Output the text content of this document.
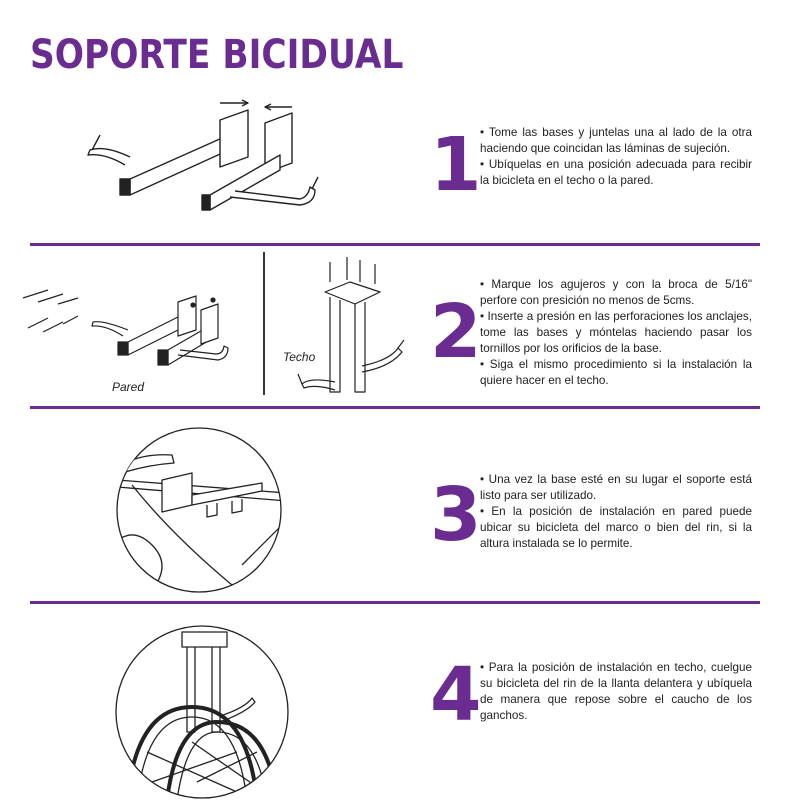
SOPORTE BICIDUAL
1

• Tome las bases y juntelas una al lado de la otra haciendo que coincidan las láminas de sujeción.

• Ubíquelas en una posición adecuada para recibir la bicicleta en el techo o la pared.

Pared
Techo 2

• Marque los agujeros y con la broca de 5/16" perfore con presición no menos de 5cms.

• Inserte a presión en las perforaciones los anclajes, tome las bases y móntelas haciendo pasar los tornillos por los orificios de la base.

• Siga el mismo procedimiento si la instalación la quiere hacer en el techo.

3

• Una vez la base esté en su lugar el soporte está listo para ser utilizado.

• En la posición de instalación en pared puede ubicar su bicicleta del marco o bien del rin, si la altura instalada se lo permite.

4

• Para la posición de instalación en techo, cuelgue su bicicleta del rin de la llanta delantera y ubíquela de manera que repose sobre el caucho de los ganchos.
